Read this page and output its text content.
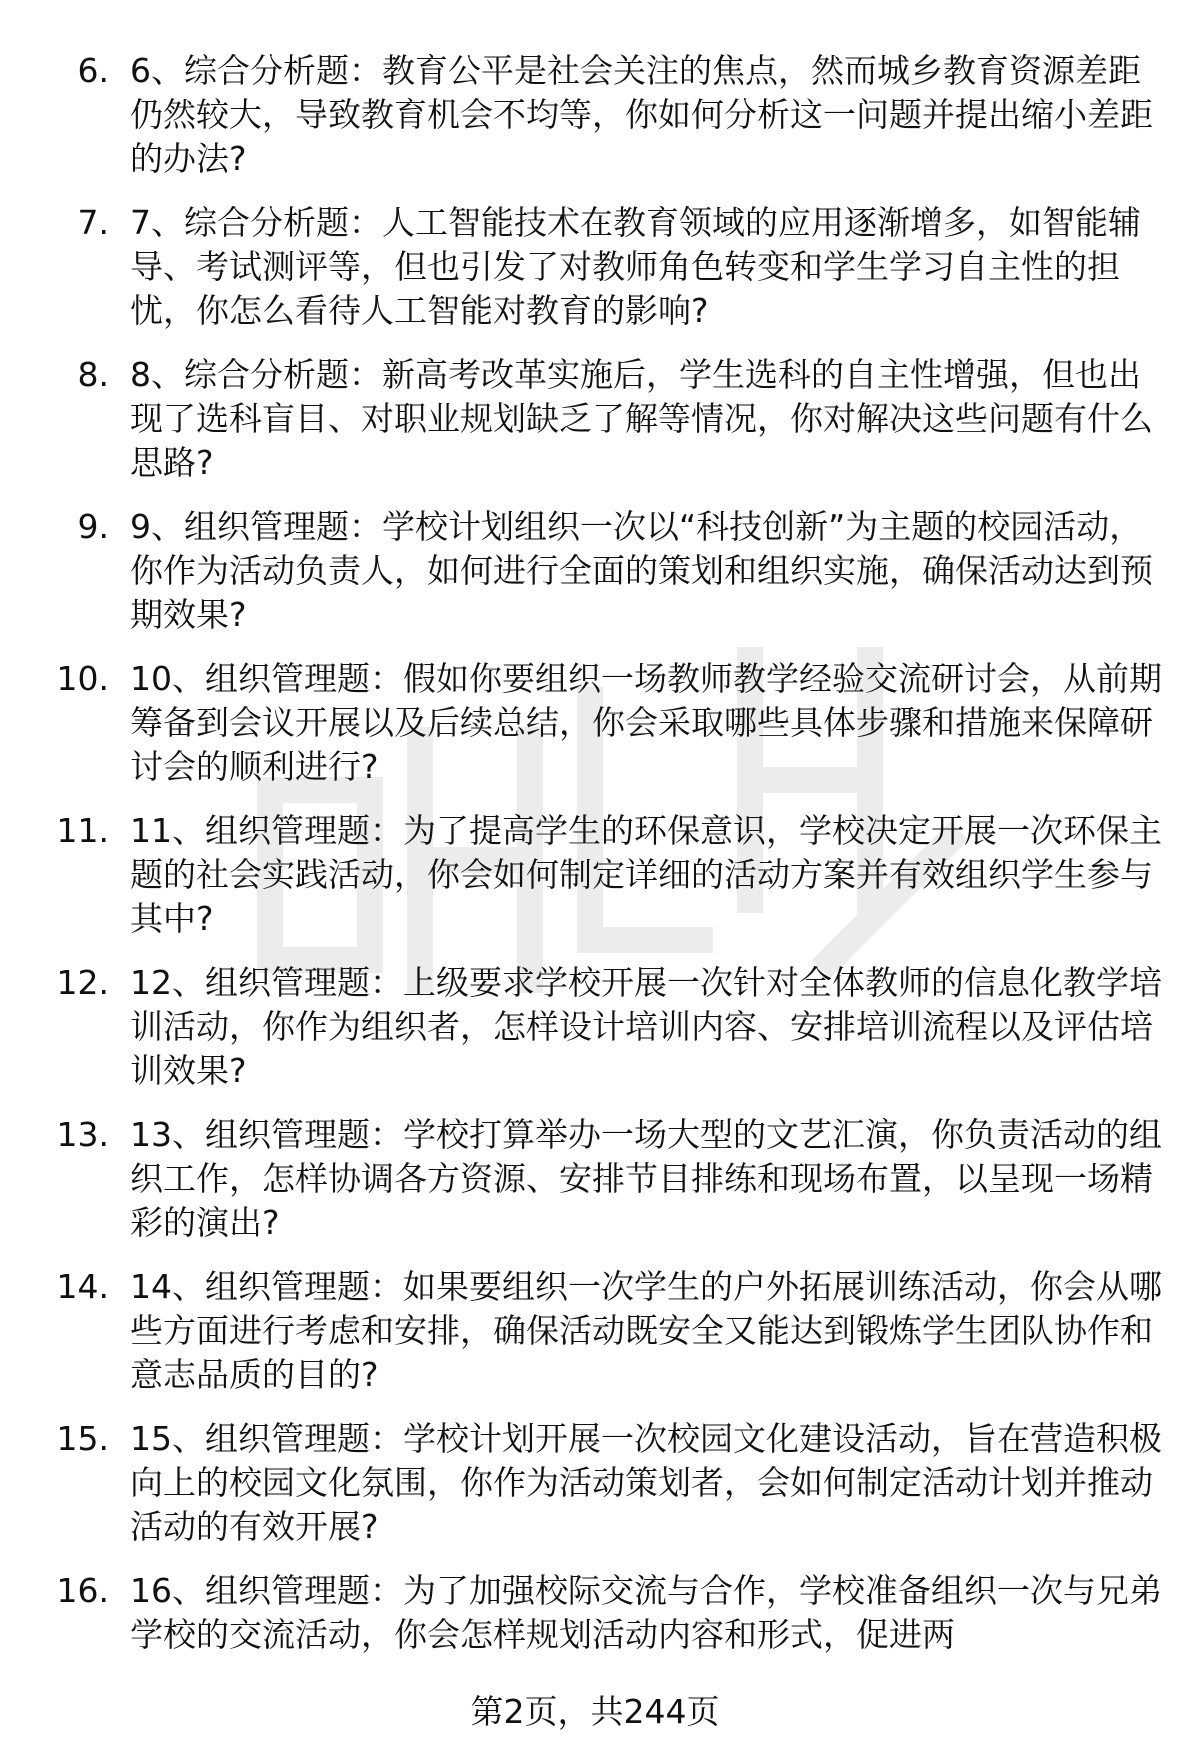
6. 6、综合分析题：教育公平是社会关注的焦点，然而城乡教育资源差距仍然较大，导致教育机会不均等，你如何分析这一问题并提出缩小差距的办法?

7. 7、综合分析题：人工智能技术在教育领域的应用逐渐增多，如智能辅导、考试测评等，但也引发了对教师角色转变和学生学习自主性的担忧，你怎么看待人工智能对教育的影响?

8. 8、综合分析题：新高考改革实施后，学生选科的自主性增强，但也出现了选科盲目、对职业规划缺乏了解等情况，你对解决这些问题有什么思路?

9. 9、组织管理题：学校计划组织一次以“科技创新”为主题的校园活动，你作为活动负责人，如何进行全面的策划和组织实施，确保活动达到预期效果?

10. 10、组织管理题：假如你要组织一场教师教学经验交流研讨会，从前期筹备到会议开展以及后续总结，你会采取哪些具体步骤和措施来保障研讨会的顺利进行?

11. 11、组织管理题：为了提高学生的环保意识，学校决定开展一次环保主题的社会实践活动，你会如何制定详细的活动方案并有效组织学生参与其中?

12. 12、组织管理题：上级要求学校开展一次针对全体教师的信息化教学培训活动，你作为组织者，怎样设计培训内容、安排培训流程以及评估培训效果?

13. 13、组织管理题：学校打算举办一场大型的文艺汇演，你负责活动的组织工作，怎样协调各方资源、安排节目排练和现场布置，以呈现一场精彩的演出?

14. 14、组织管理题：如果要组织一次学生的户外拓展训练活动，你会从哪些方面进行考虑和安排，确保活动既安全又能达到锻炼学生团队协作和意志品质的目的?

15. 15、组织管理题：学校计划开展一次校园文化建设活动，旨在营造积极向上的校园文化氛围，你作为活动策划者，会如何制定活动计划并推动活动的有效开展?

16. 16、组织管理题：为了加强校际交流与合作，学校准备组织一次与兄弟学校的交流活动，你会怎样规划活动内容和形式，促进两

第2页，共244页
